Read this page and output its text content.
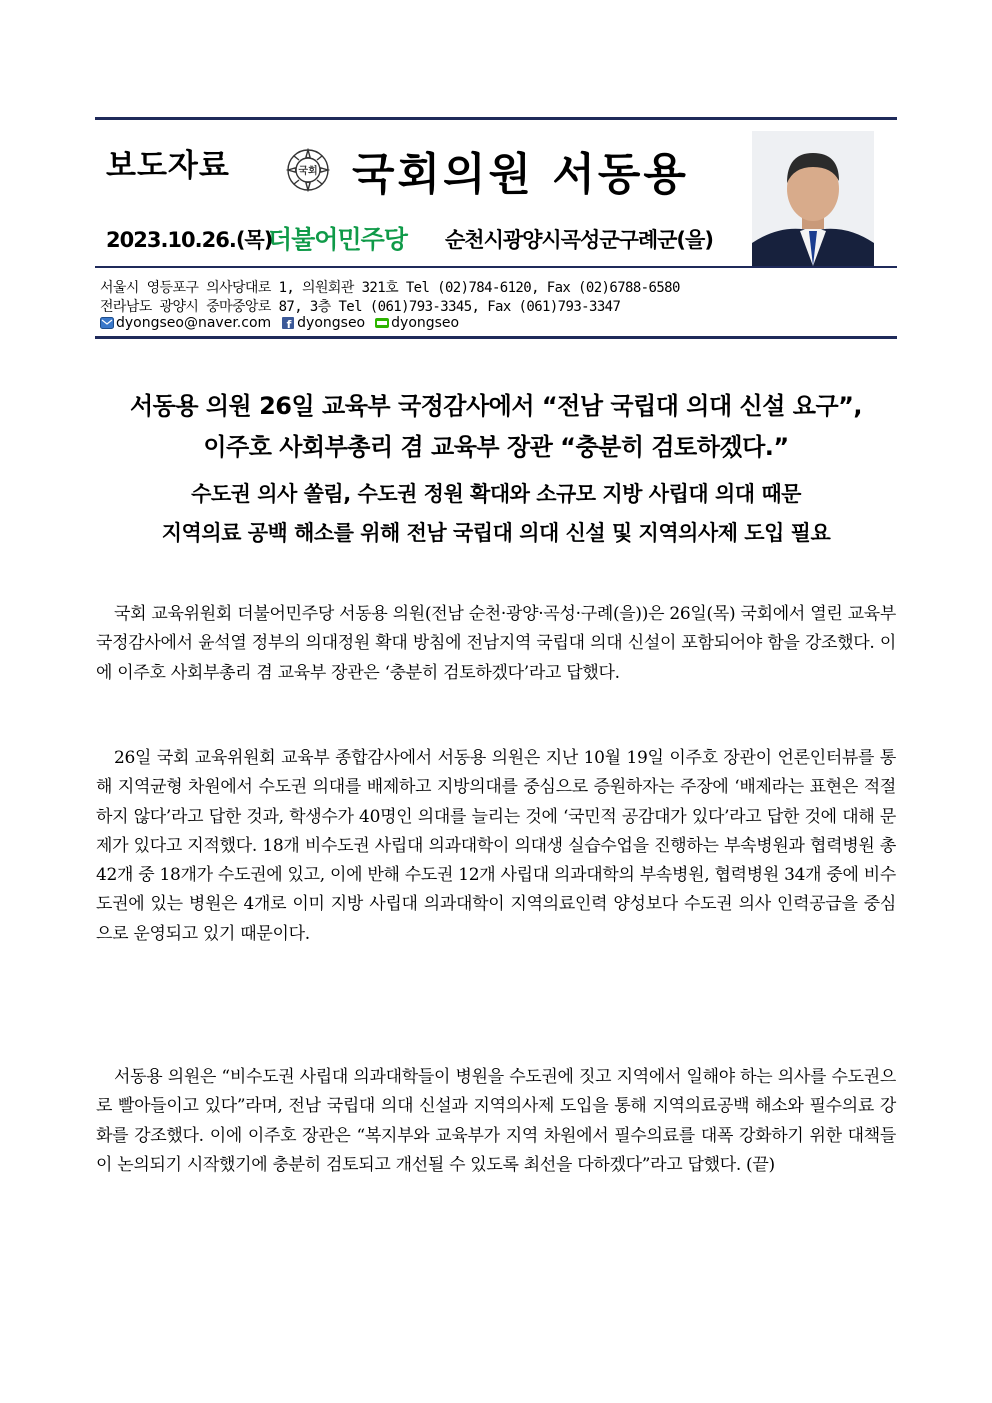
보도자료	국회 국회의원 서동용
2023.10.26.(목)
더불어민주당 순천시광양시곡성군구례군(을)
서울시 영등포구 의사당대로 1, 의원회관 321호 Tel (02)784-6120, Fax (02)6788-6580
전라남도 광양시 중마중앙로 87, 3층 Tel (061)793-3345, Fax (061)793-3347
dyongseo@naver.com f dyongseo dyongseo
서동용 의원 26일 교육부 국정감사에서 “전남 국립대 의대 신설 요구”,
이주호 사회부총리 겸 교육부 장관 “충분히 검토하겠다.”
수도권 의사 쏠림, 수도권 정원 확대와 소규모 지방 사립대 의대 때문
지역의료 공백 해소를 위해 전남 국립대 의대 신설 및 지역의사제 도입 필요

국회 교육위원회 더불어민주당 서동용 의원(전남 순천·광양·곡성·구례(을))은 26일(목) 국회에서 열린 교육부 국정감사에서 윤석열 정부의 의대정원 확대 방침에 전남지역 국립대 의대 신설이 포함되어야 함을 강조했다. 이에 이주호 사회부총리 겸 교육부 장관은 ‘충분히 검토하겠다’라고 답했다.

26일 국회 교육위원회 교육부 종합감사에서 서동용 의원은 지난 10월 19일 이주호 장관이 언론인터뷰를 통해 지역균형 차원에서 수도권 의대를 배제하고 지방의대를 중심으로 증원하자는 주장에 ‘배제라는 표현은 적절하지 않다’라고 답한 것과, 학생수가 40명인 의대를 늘리는 것에 ‘국민적 공감대가 있다’라고 답한 것에 대해 문제가 있다고 지적했다. 18개 비수도권 사립대 의과대학이 의대생 실습수업을 진행하는 부속병원과 협력병원 총 42개 중 18개가 수도권에 있고, 이에 반해 수도권 12개 사립대 의과대학의 부속병원, 협력병원 34개 중에 비수도권에 있는 병원은 4개로 이미 지방 사립대 의과대학이 지역의료인력 양성보다 수도권 의사 인력공급을 중심으로 운영되고 있기 때문이다.

서동용 의원은 “비수도권 사립대 의과대학들이 병원을 수도권에 짓고 지역에서 일해야 하는 의사를 수도권으로 빨아들이고 있다”라며, 전남 국립대 의대 신설과 지역의사제 도입을 통해 지역의료공백 해소와 필수의료 강화를 강조했다. 이에 이주호 장관은 “복지부와 교육부가 지역 차원에서 필수의료를 대폭 강화하기 위한 대책들이 논의되기 시작했기에 충분히 검토되고 개선될 수 있도록 최선을 다하겠다”라고 답했다. (끝)
